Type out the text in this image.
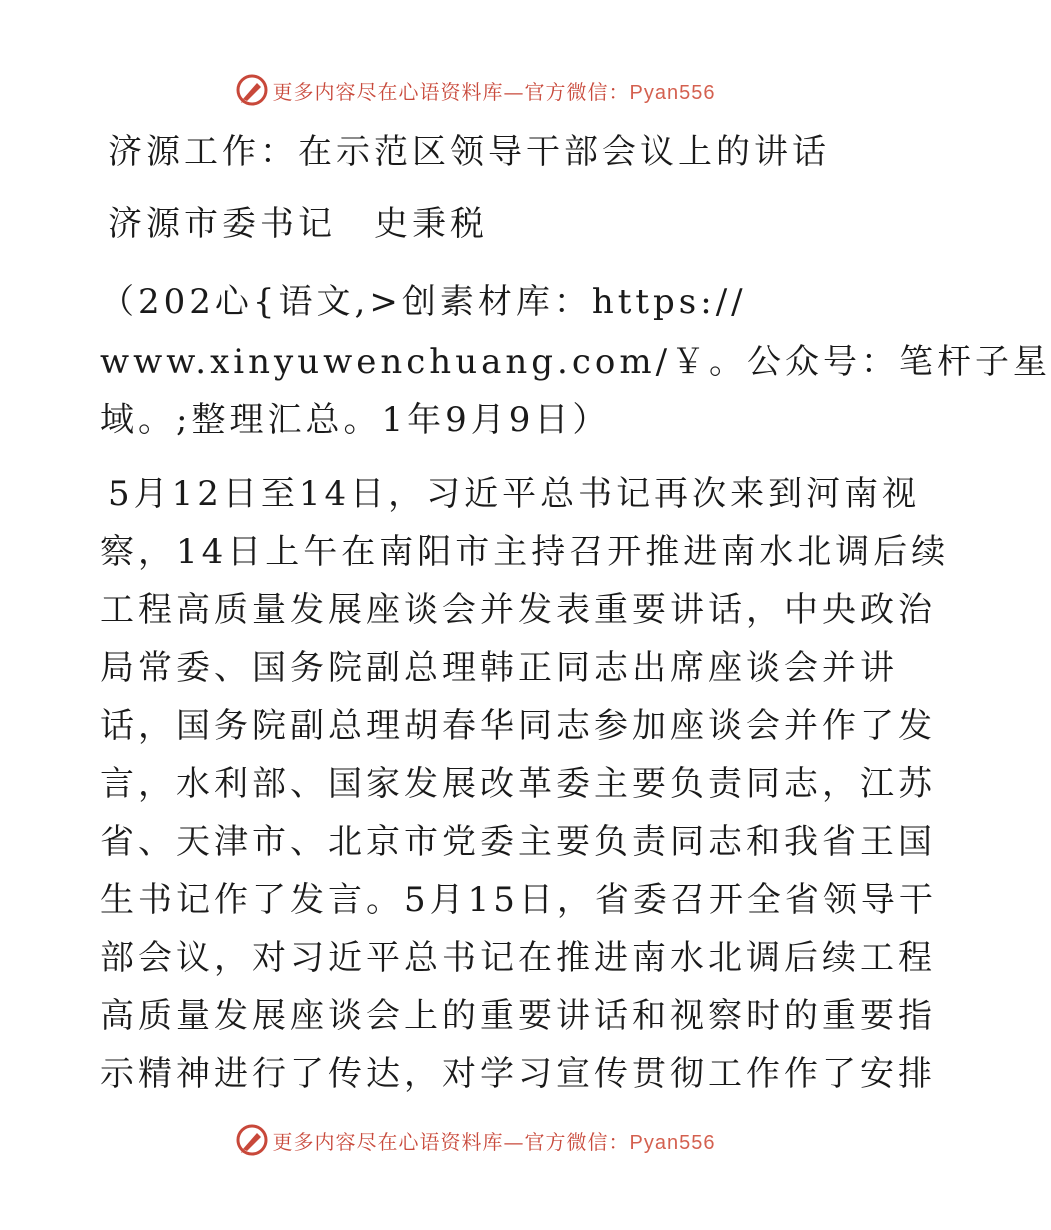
更多内容尽在心语资料库—官方微信：Pyan556
济源工作：在示范区领导干部会议上的讲话
济源市委书记　史秉税
（202心{语文,>创素材库：https://
www.xinyuwenchuang.com/￥。公众号：笔杆子星
域。;整理汇总。1年9月9日）
5月12日至14日，习近平总书记再次来到河南视
察，14日上午在南阳市主持召开推进南水北调后续
工程高质量发展座谈会并发表重要讲话，中央政治
局常委、国务院副总理韩正同志出席座谈会并讲
话，国务院副总理胡春华同志参加座谈会并作了发
言，水利部、国家发展改革委主要负责同志，江苏
省、天津市、北京市党委主要负责同志和我省王国
生书记作了发言。5月15日，省委召开全省领导干
部会议，对习近平总书记在推进南水北调后续工程
高质量发展座谈会上的重要讲话和视察时的重要指
示精神进行了传达，对学习宣传贯彻工作作了安排
更多内容尽在心语资料库—官方微信：Pyan556
